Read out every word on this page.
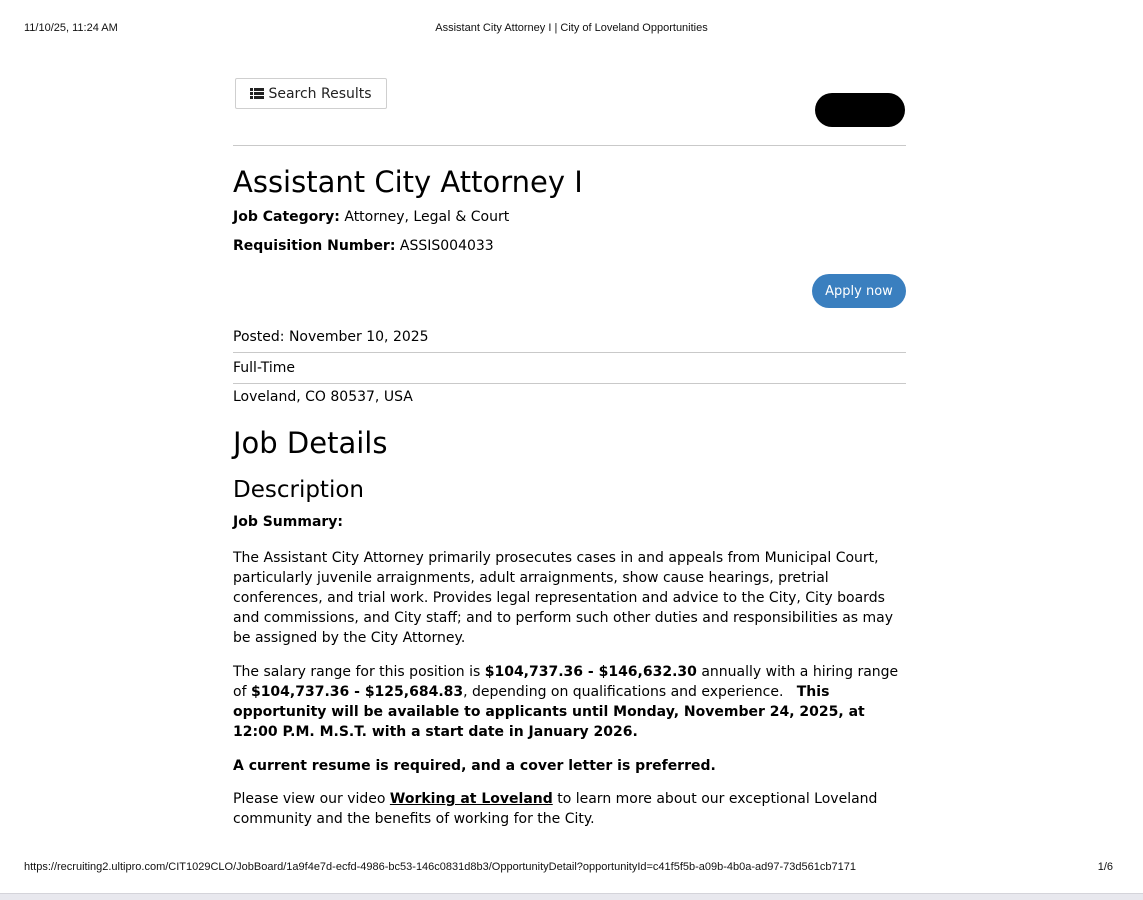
11/10/25, 11:24 AM	Assistant City Attorney I | City of Loveland Opportunities
Search Results
Assistant City Attorney I
Job Category: Attorney, Legal & Court
Requisition Number: ASSIS004033
Apply now
Posted: November 10, 2025
Full-Time
Loveland, CO 80537, USA
Job Details
Description
Job Summary:
The Assistant City Attorney primarily prosecutes cases in and appeals from Municipal Court, particularly juvenile arraignments, adult arraignments, show cause hearings, pretrial conferences, and trial work. Provides legal representation and advice to the City, City boards and commissions, and City staff; and to perform such other duties and responsibilities as may be assigned by the City Attorney.
The salary range for this position is $104,737.36 - $146,632.30 annually with a hiring range of $104,737.36 - $125,684.83, depending on qualifications and experience.   This opportunity will be available to applicants until Monday, November 24, 2025, at 12:00 P.M. M.S.T. with a start date in January 2026.
A current resume is required, and a cover letter is preferred.
Please view our video Working at Loveland to learn more about our exceptional Loveland community and the benefits of working for the City.
https://recruiting2.ultipro.com/CIT1029CLO/JobBoard/1a9f4e7d-ecfd-4986-bc53-146c0831d8b3/OpportunityDetail?opportunityId=c41f5f5b-a09b-4b0a-ad97-73d561cb7171	1/6
